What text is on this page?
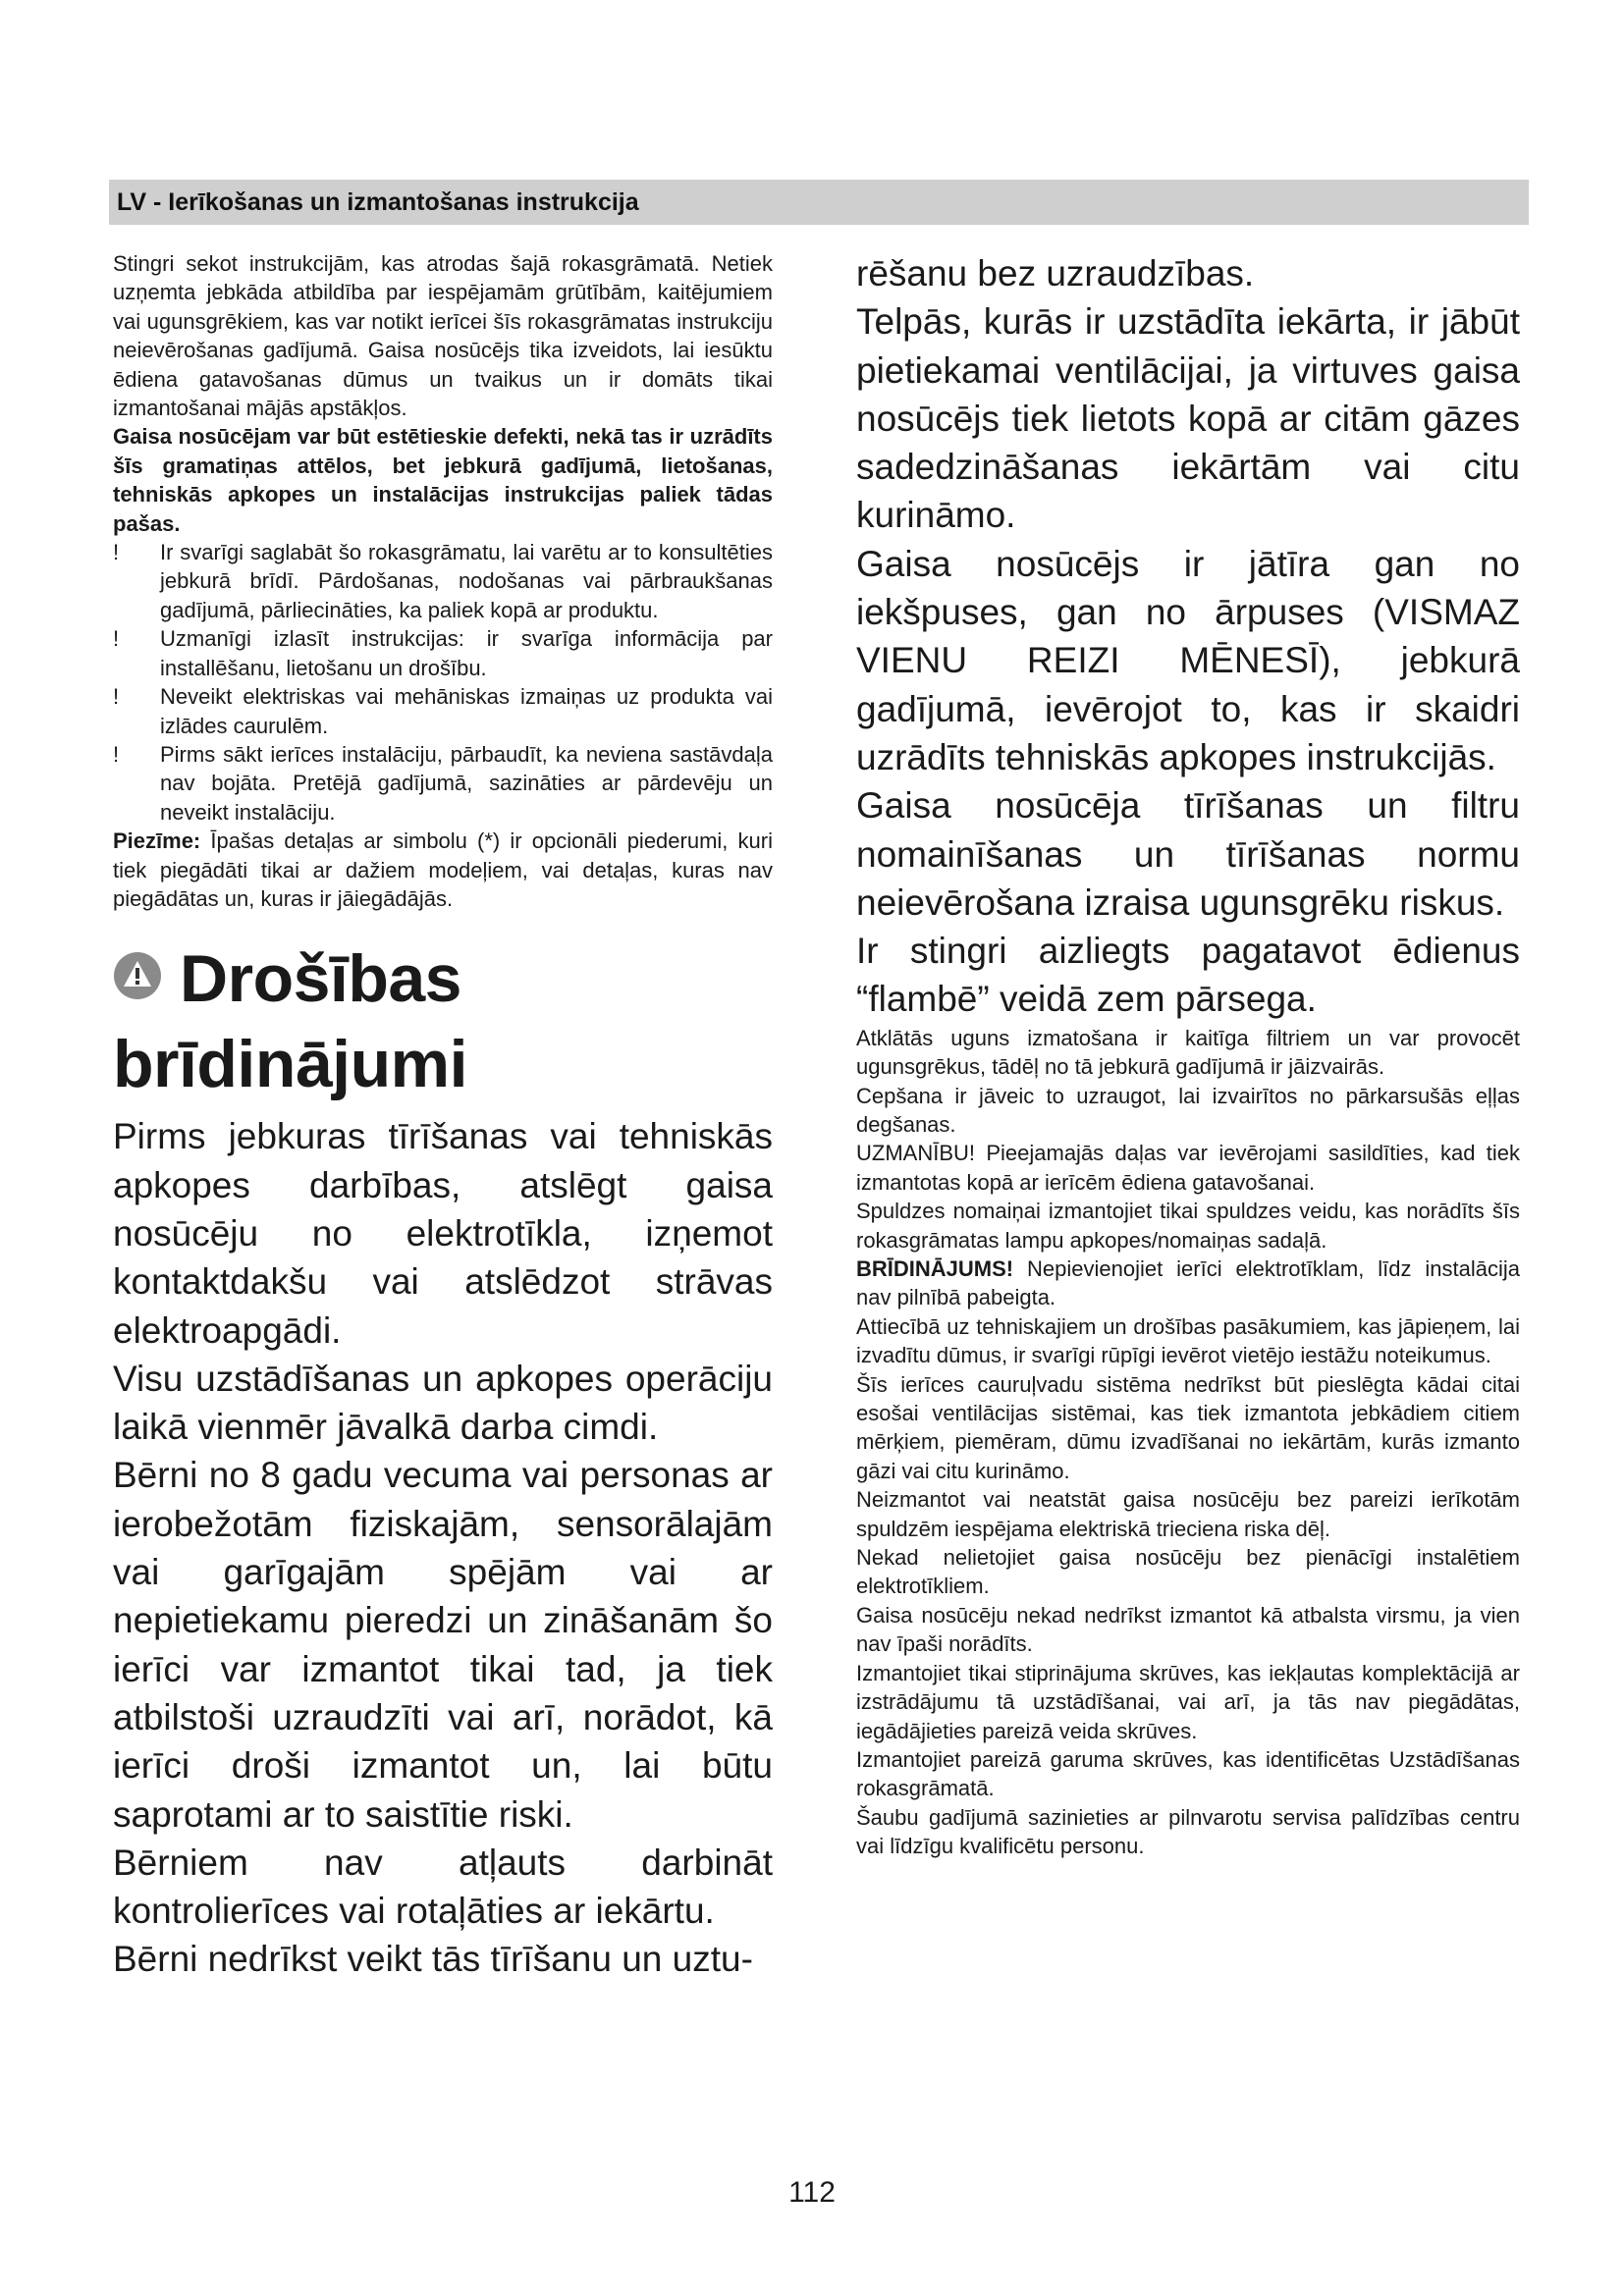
LV - Ierīkošanas un izmantošanas instrukcija

Stingri sekot instrukcijām, kas atrodas šajā rokasgrāmatā. Netiek uzņemta jebkāda atbildība par iespējamām grūtībām, kaitējumiem vai ugunsgrēkiem, kas var notikt ierīcei šīs rokasgrāmatas instrukciju neievērošanas gadījumā. Gaisa nosūcējs tika izveidots, lai iesūktu ēdiena gatavošanas dūmus un tvaikus un ir domāts tikai izmantošanai mājās apstākļos.

Gaisa nosūcējam var būt estētieskie defekti, nekā tas ir uzrādīts šīs gramatiņas attēlos, bet jebkurā gadījumā, lietošanas, tehniskās apkopes un instalācijas instrukcijas paliek tādas pašas.

!	Ir svarīgi saglabāt šo rokasgrāmatu, lai varētu ar to konsultēties jebkurā brīdī. Pārdošanas, nodošanas vai pārbraukšanas gadījumā, pārliecināties, ka paliek kopā ar produktu.
!	Uzmanīgi izlasīt instrukcijas: ir svarīga informācija par installēšanu, lietošanu un drošību.
!	Neveikt elektriskas vai mehāniskas izmaiņas uz produkta vai izlādes caurulēm.
!	Pirms sākt ierīces instalāciju, pārbaudīt, ka neviena sastāvdaļa nav bojāta. Pretējā gadījumā, sazināties ar pārdevēju un neveikt instalāciju.

Piezīme: Īpašas detaļas ar simbolu (*) ir opcionāli piederumi, kuri tiek piegādāti tikai ar dažiem modeļiem, vai detaļas, kuras nav piegādātas un, kuras ir jāiegādājās.

Drošības brīdinājumi

Pirms jebkuras tīrīšanas vai tehniskās apkopes darbības, atslēgt gaisa nosūcēju no elektrotīkla, izņemot kontaktdakšu vai atslēdzot strāvas elektroapgādi.

Visu uzstādīšanas un apkopes operāciju laikā vienmēr jāvalkā darba cimdi.

Bērni no 8 gadu vecuma vai personas ar ierobežotām fiziskajām, sensorālajām vai garīgajām spējām vai ar nepietiekamu pieredzi un zināšanām šo ierīci var izmantot tikai tad, ja tiek atbilstoši uzraudzīti vai arī, norādot, kā ierīci droši izmantot un, lai būtu saprotami ar to saistītie riski.

Bērniem nav atļauts darbināt kontrolierīces vai rotaļāties ar iekārtu.

Bērni nedrīkst veikt tās tīrīšanu un uztu-

rēšanu bez uzraudzības.

Telpās, kurās ir uzstādīta iekārta, ir jābūt pietiekamai ventilācijai, ja virtuves gaisa nosūcējs tiek lietots kopā ar citām gāzes sadedzināšanas iekārtām vai citu kurināmo.

Gaisa nosūcējs ir jātīra gan no iekšpuses, gan no ārpuses (VISMAZ VIENU REIZI MĒNESĪ), jebkurā gadījumā, ievērojot to, kas ir skaidri uzrādīts tehniskās apkopes instrukcijās.

Gaisa nosūcēja tīrīšanas un filtru nomainīšanas un tīrīšanas normu neievērošana izraisa ugunsgrēku riskus.

Ir stingri aizliegts pagatavot ēdienus “flambē” veidā zem pārsega.

Atklātās uguns izmatošana ir kaitīga filtriem un var provocēt ugunsgrēkus, tādēļ no tā jebkurā gadījumā ir jāizvairās.

Cepšana ir jāveic to uzraugot, lai izvairītos no pārkarsušās eļļas degšanas.

UZMANĪBU! Pieejamajās daļas var ievērojami sasildīties, kad tiek izmantotas kopā ar ierīcēm ēdiena gatavošanai.

Spuldzes nomaiņai izmantojiet tikai spuldzes veidu, kas norādīts šīs rokasgrāmatas lampu apkopes/nomaiņas sadaļā.

BRĪDINĀJUMS! Nepievienojiet ierīci elektrotīklam, līdz instalācija nav pilnībā pabeigta.

Attiecībā uz tehniskajiem un drošības pasākumiem, kas jāpieņem, lai izvadītu dūmus, ir svarīgi rūpīgi ievērot vietējo iestāžu noteikumus.

Šīs ierīces cauruļvadu sistēma nedrīkst būt pieslēgta kādai citai esošai ventilācijas sistēmai, kas tiek izmantota jebkādiem citiem mērķiem, piemēram, dūmu izvadīšanai no iekārtām, kurās izmanto gāzi vai citu kurināmo.

Neizmantot vai neatstāt gaisa nosūcēju bez pareizi ierīkotām spuldzēm iespējama elektriskā trieciena riska dēļ.

Nekad nelietojiet gaisa nosūcēju bez pienācīgi instalētiem elektrotīkliem.

Gaisa nosūcēju nekad nedrīkst izmantot kā atbalsta virsmu, ja vien nav īpaši norādīts.

Izmantojiet tikai stiprinājuma skrūves, kas iekļautas komplektācijā ar izstrādājumu tā uzstādīšanai, vai arī, ja tās nav piegādātas, iegādājieties pareizā veida skrūves.

Izmantojiet pareizā garuma skrūves, kas identificētas Uzstādīšanas rokasgrāmatā.

Šaubu gadījumā sazinieties ar pilnvarotu servisa palīdzības centru vai līdzīgu kvalificētu personu.

112
